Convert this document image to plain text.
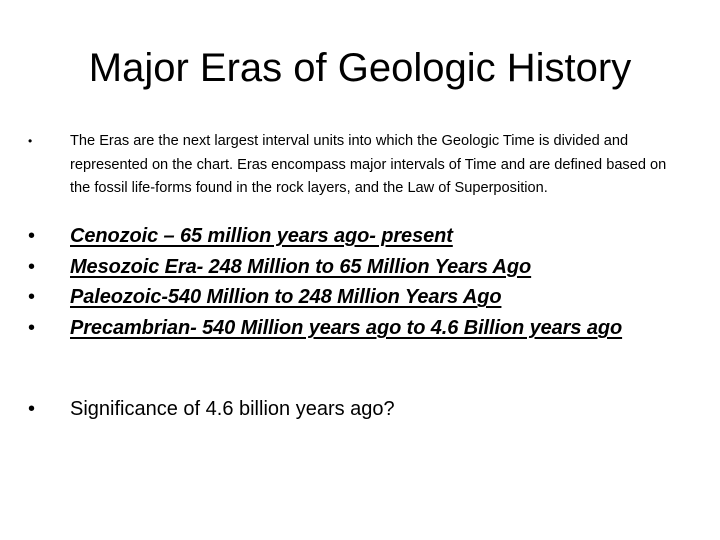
Major Eras of Geologic History
•	The Eras are the next largest interval units into which the Geologic Time is divided and represented on the chart. Eras encompass major intervals of Time and are defined based on the fossil life-forms found in the rock layers, and the Law of Superposition.
•	Cenozoic – 65 million years ago- present
•	Mesozoic Era- 248 Million to 65 Million Years Ago
•	Paleozoic-540 Million to 248 Million Years Ago
•	Precambrian- 540 Million years ago to 4.6 Billion years ago
•	Significance of 4.6 billion years ago?
